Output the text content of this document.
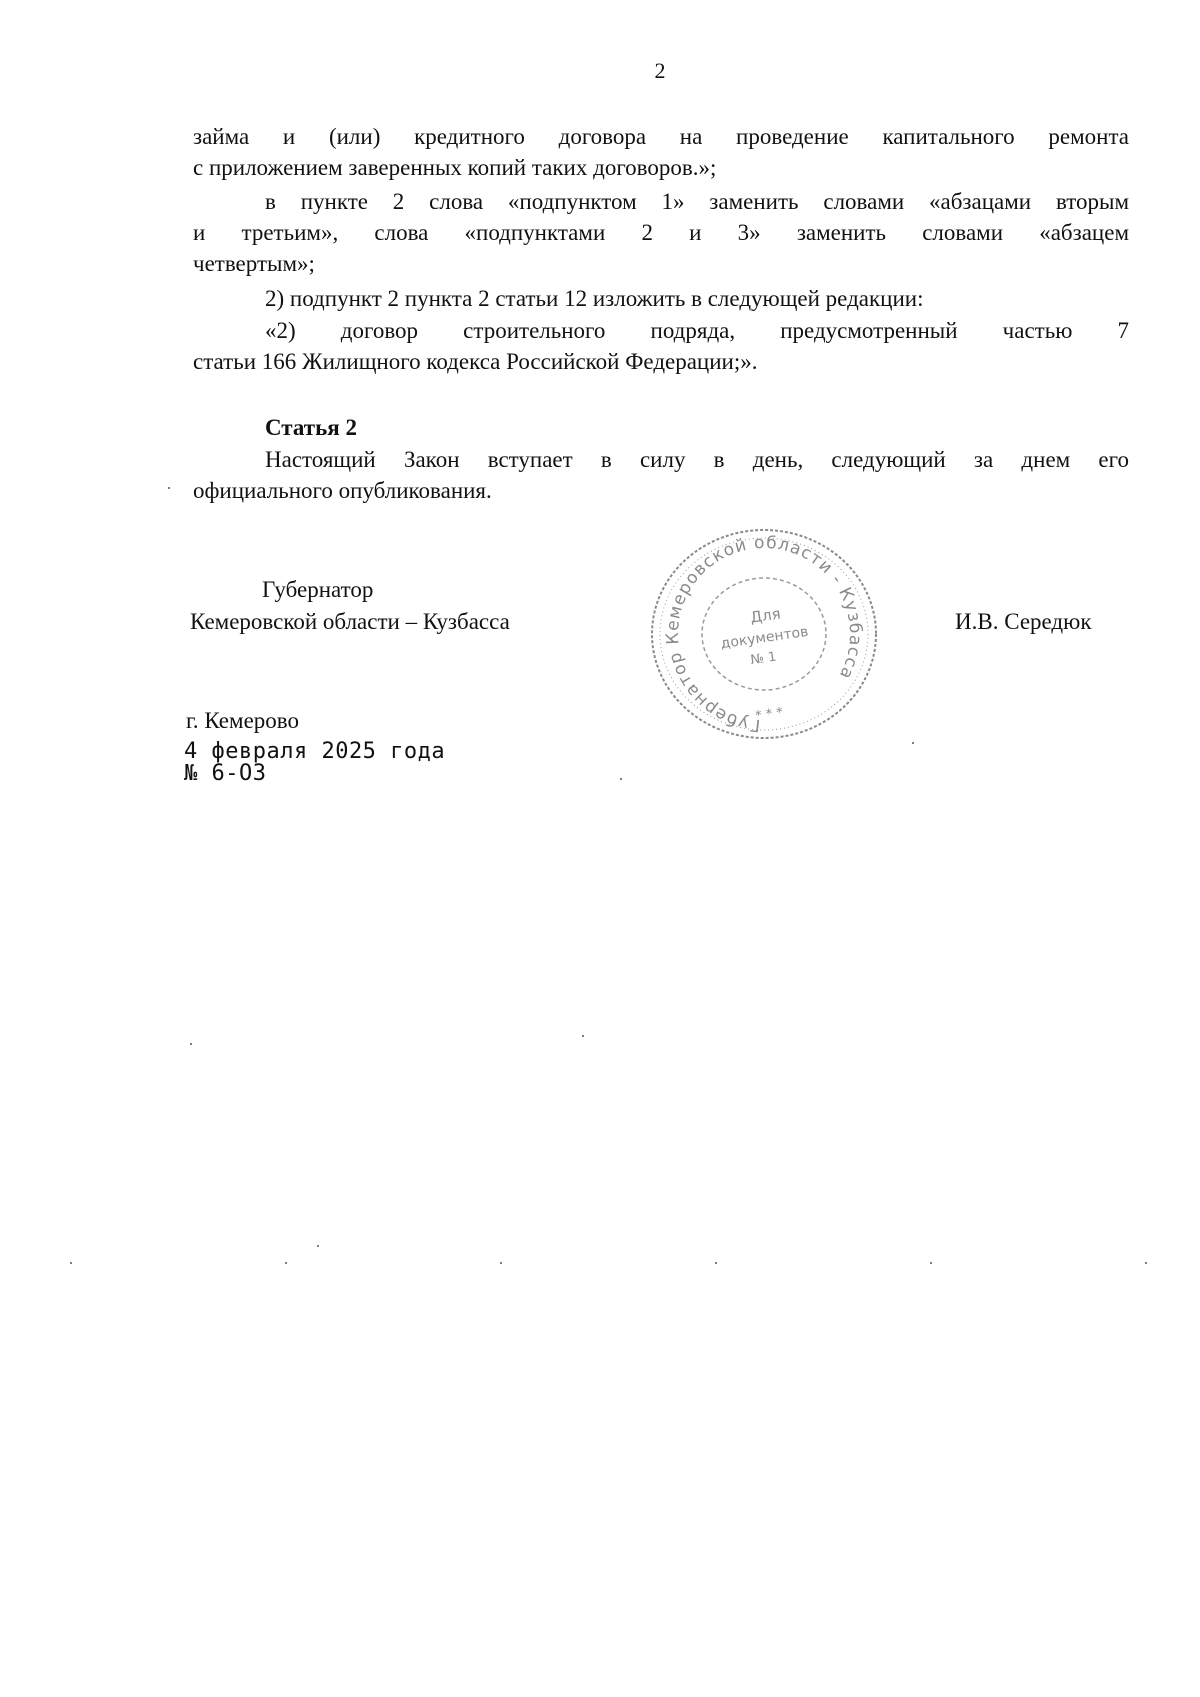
2
займа и (или) кредитного договора на проведение капитального ремонта
с приложением заверенных копий таких договоров.»;
в пункте 2 слова «подпунктом 1» заменить словами «абзацами вторым
и третьим», слова «подпунктами 2 и 3» заменить словами «абзацем
четвертым»;
2) подпункт 2 пункта 2 статьи 12 изложить в следующей редакции:
«2) договор строительного подряда, предусмотренный частью 7
статьи 166 Жилищного кодекса Российской Федерации;».
Статья 2
Настоящий Закон вступает в силу в день, следующий за днем его
официального опубликования.
Губернатор
Кемеровской области – Кузбасса	И.В. Середюк
Губернатор Кемеровской области - Кузбасса
Для
документов
№ 1
* * *
г. Кемерово
4 февраля 2025 года
№ 6-ОЗ
